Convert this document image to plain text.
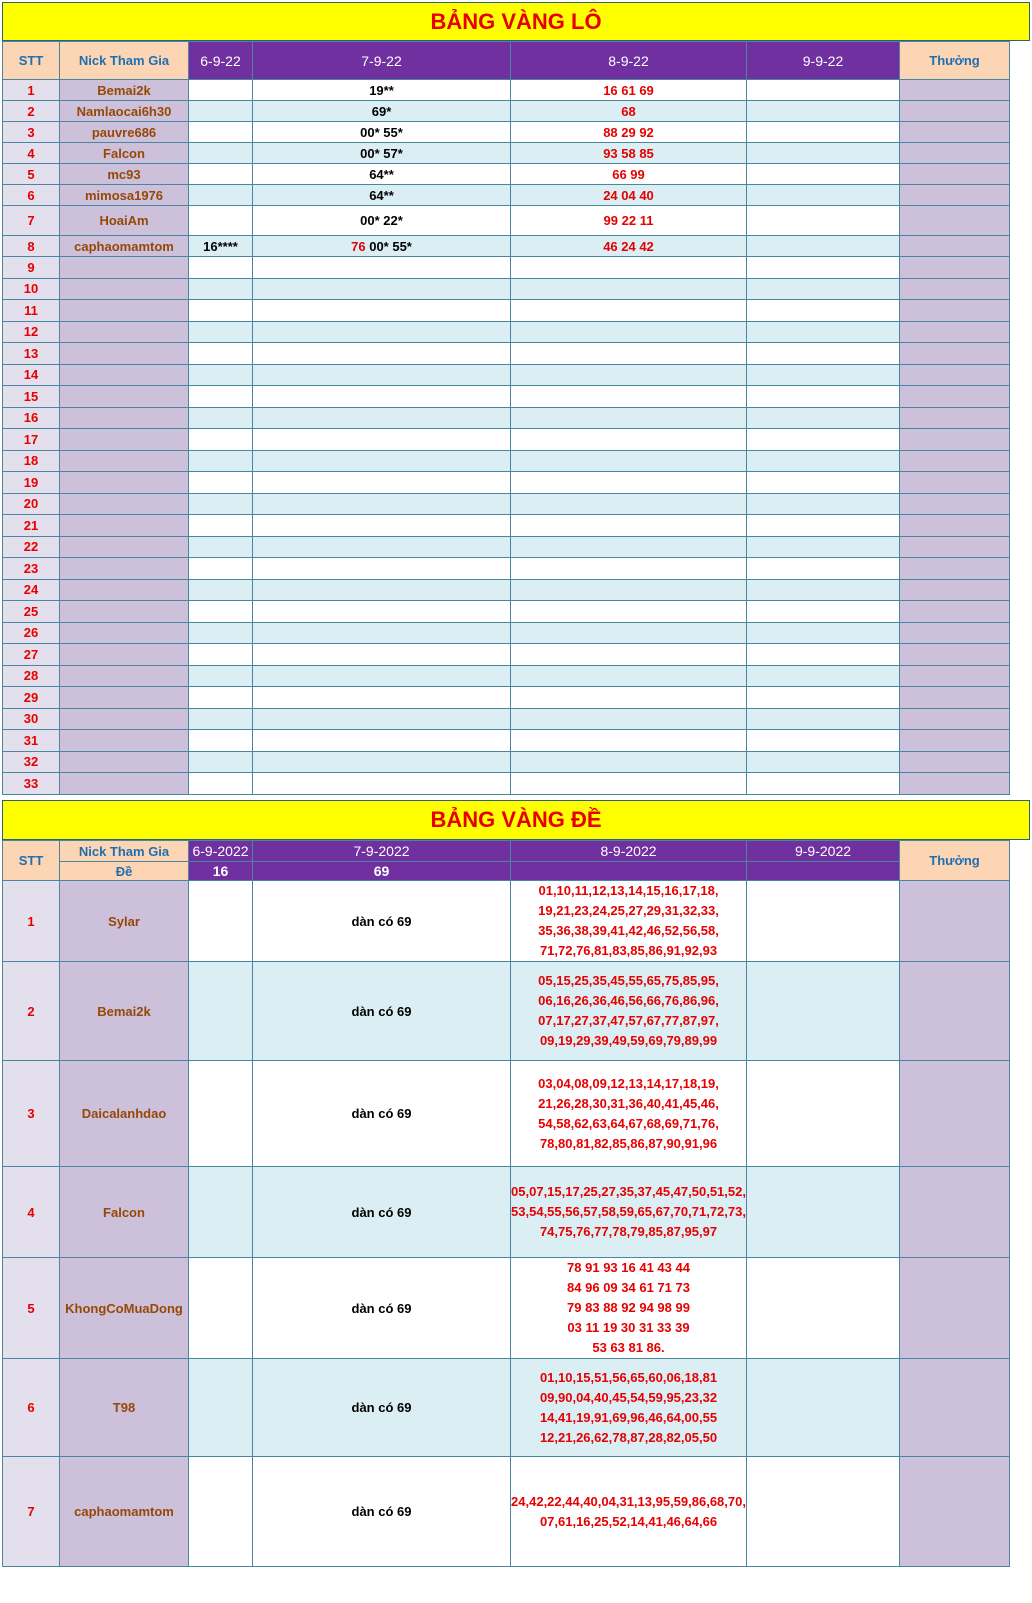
BẢNG VÀNG LÔ
STT	Nick Tham Gia	6-9-22	7-9-22	8-9-22	9-9-22	Thưởng
1	Bemai2k		19**	16 61 69		
2	Namlaocai6h30		69*	68		
3	pauvre686		00* 55*	88 29 92		
4	Falcon		00* 57*	93 58 85		
5	mc93		64**	66 99		
6	mimosa1976		64**	24 04 40		
7	HoaiAm		00* 22*	99 22 11		
8	caphaomamtom	16****	76 00* 55*	46 24 42		
9						
10						
11						
12						
13						
14						
15						
16						
17						
18						
19						
20						
21						
22						
23						
24						
25						
26						
27						
28						
29						
30						
31						
32						
33						
BẢNG VÀNG ĐỀ
STT	Nick Tham Gia	6-9-2022	7-9-2022	8-9-2022	9-9-2022	Thưởng
	Đề	16	69			
1	Sylar		dàn có 69	01,10,11,12,13,14,15,16,17,18,
19,21,23,24,25,27,29,31,32,33,
35,36,38,39,41,42,46,52,56,58,
71,72,76,81,83,85,86,91,92,93		

2	Bemai2k		dàn có 69	05,15,25,35,45,55,65,75,85,95,
06,16,26,36,46,56,66,76,86,96,
07,17,27,37,47,57,67,77,87,97,
09,19,29,39,49,59,69,79,89,99		

3	Daicalanhdao		dàn có 69	03,04,08,09,12,13,14,17,18,19,
21,26,28,30,31,36,40,41,45,46,
54,58,62,63,64,67,68,69,71,76,
78,80,81,82,85,86,87,90,91,96		

4	Falcon		dàn có 69	05,07,15,17,25,27,35,37,45,47,50,51,52,
53,54,55,56,57,58,59,65,67,70,71,72,73,
74,75,76,77,78,79,85,87,95,97		

5	KhongCoMuaDong		dàn có 69	78 91 93 16 41 43 44
84 96 09 34 61 71 73
79 83 88 92 94 98 99
03 11 19 30 31 33 39
53 63 81 86.		

6	T98		dàn có 69	01,10,15,51,56,65,60,06,18,81
09,90,04,40,45,54,59,95,23,32
14,41,19,91,69,96,46,64,00,55
12,21,26,62,78,87,28,82,05,50		

7	caphaomamtom		dàn có 69	24,42,22,44,40,04,31,13,95,59,86,68,70,
07,61,16,25,52,14,41,46,64,66		
